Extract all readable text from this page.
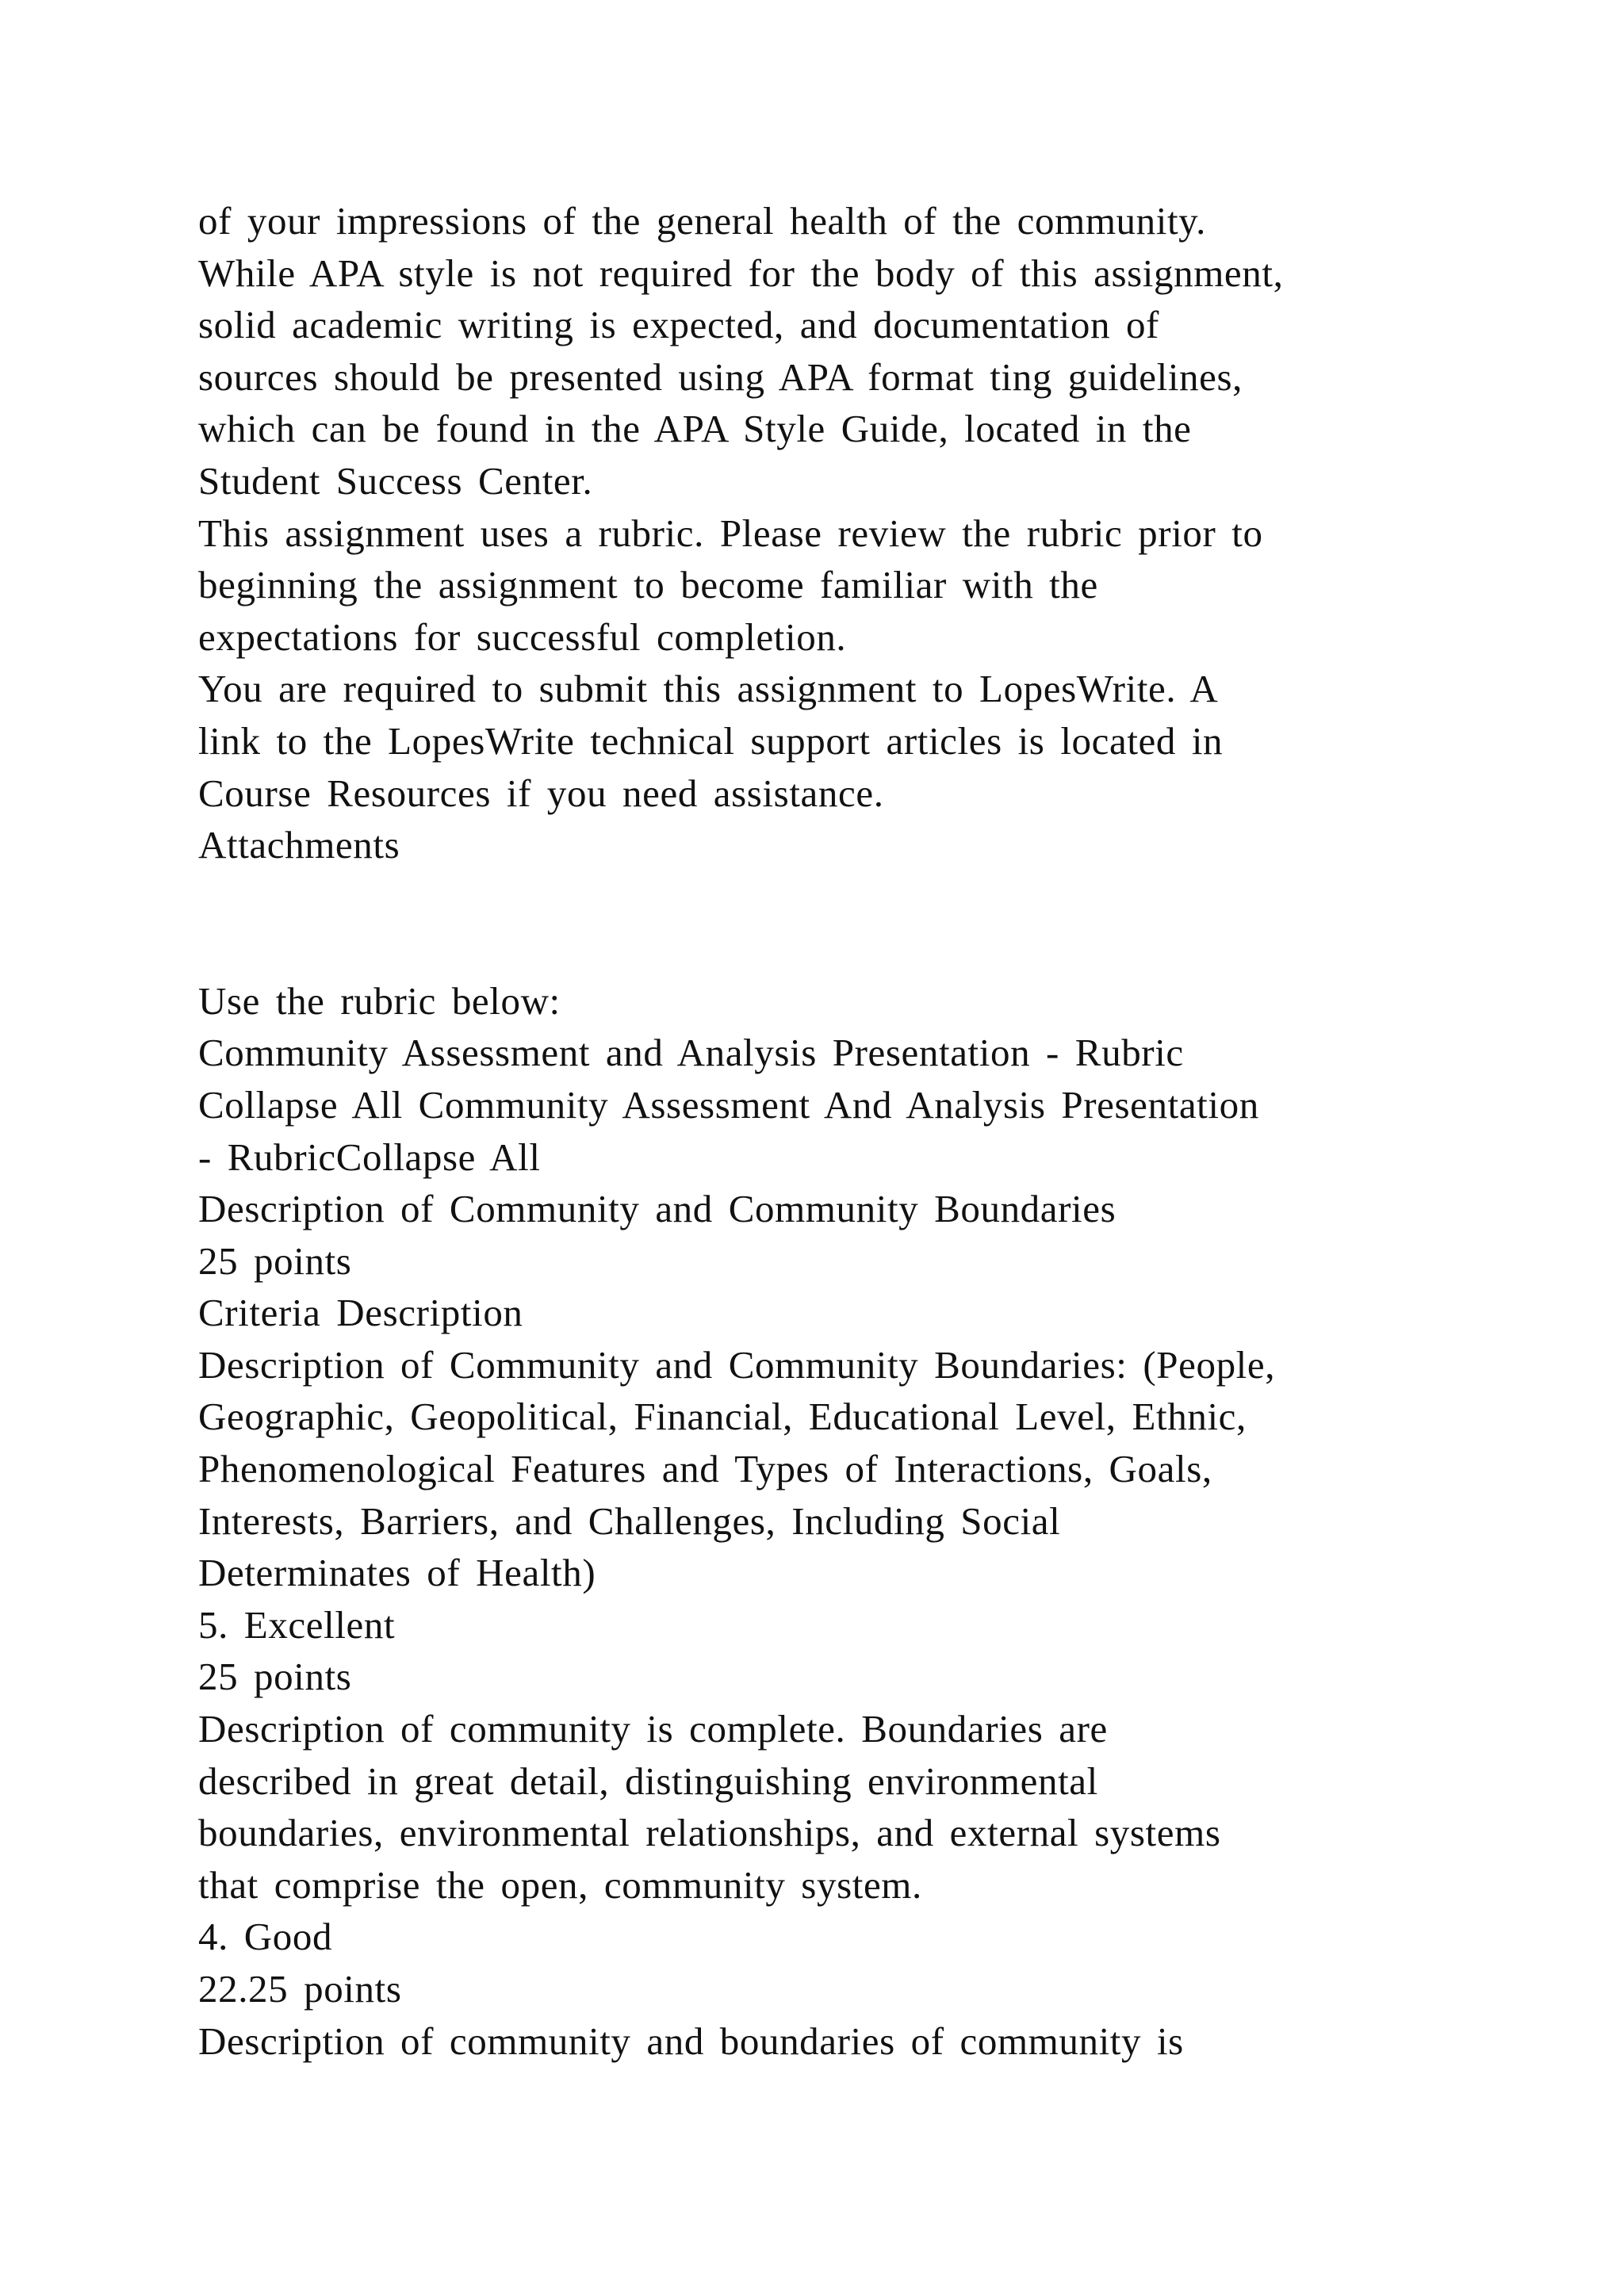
of your impressions of the general health of the community.
While APA style is not required for the body of this assignment,
solid academic writing is expected, and documentation of
sources should be presented using APA format ting guidelines,
which can be found in the APA Style Guide, located in the
Student Success Center.
This assignment uses a rubric. Please review the rubric prior to
beginning the assignment to become familiar with the
expectations for successful completion.
You are required to submit this assignment to LopesWrite. A
link to the LopesWrite technical support articles is located in
Course Resources if you need assistance.
Attachments
Use the rubric below:
Community Assessment and Analysis Presentation - Rubric
Collapse All Community Assessment And Analysis Presentation
- RubricCollapse All
Description of Community and Community Boundaries
25 points
Criteria Description
Description of Community and Community Boundaries: (People,
Geographic, Geopolitical, Financial, Educational Level, Ethnic,
Phenomenological Features and Types of Interactions, Goals,
Interests, Barriers, and Challenges, Including Social
Determinates of Health)
5. Excellent
25 points
Description of community is complete. Boundaries are
described in great detail, distinguishing environmental
boundaries, environmental relationships, and external systems
that comprise the open, community system.
4. Good
22.25 points
Description of community and boundaries of community is
